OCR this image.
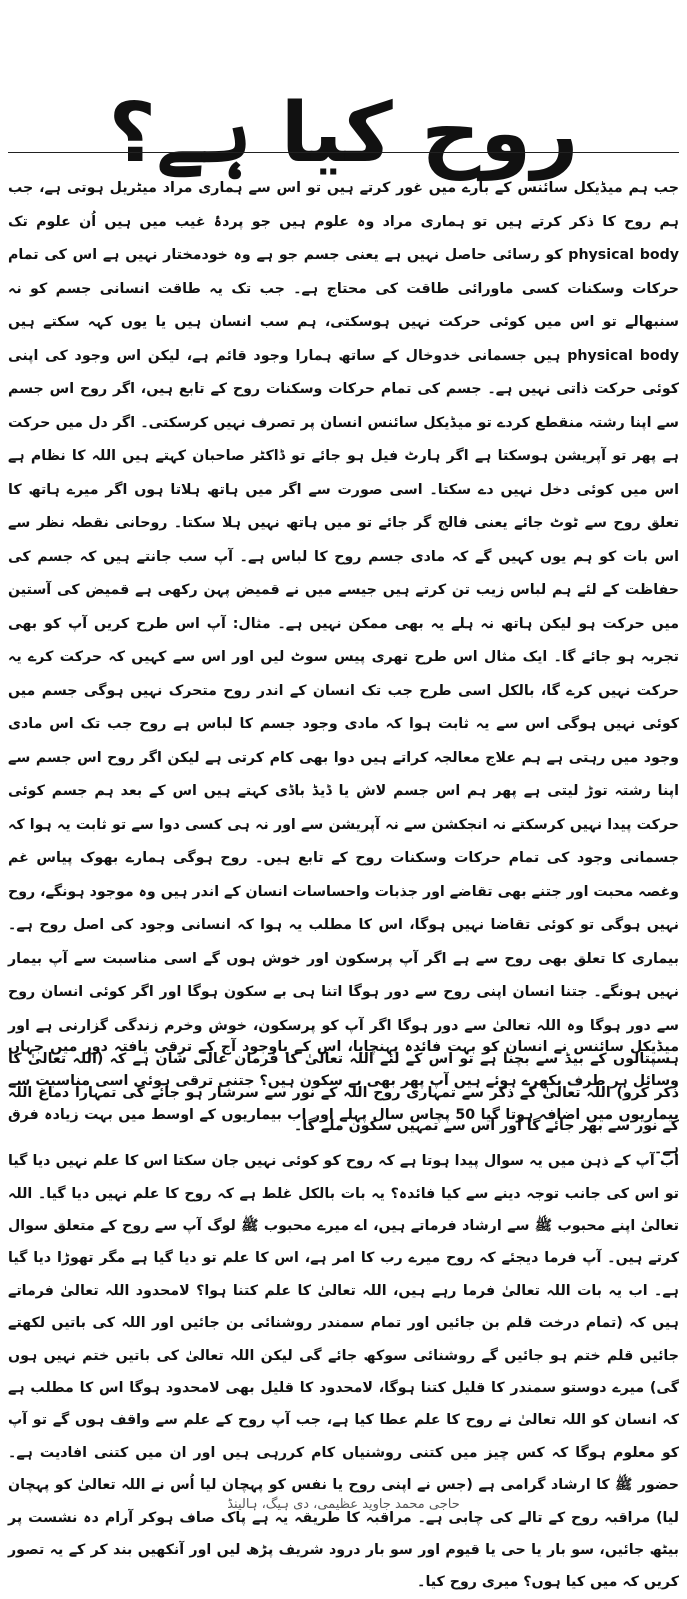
روح کیا ہے؟

جب ہم میڈیکل سائنس کے بارے میں غور کرتے ہیں تو اس سے ہماری مراد میٹریل ہوتی ہے، جب ہم روح کا ذکر کرتے ہیں تو ہماری مراد وہ علوم ہیں جو پردۂ غیب میں ہیں اُن علوم تک physical body کو رسائی حاصل نہیں ہے یعنی جسم جو ہے وہ خودمختار نہیں ہے اس کی تمام حرکات وسکنات کسی ماورائی طاقت کی محتاج ہے۔ جب تک یہ طاقت انسانی جسم کو نہ سنبھالے تو اس میں کوئی حرکت نہیں ہوسکتی، ہم سب انسان ہیں یا یوں کہہ سکتے ہیں physical body ہیں جسمانی خدوخال کے ساتھ ہمارا وجود قائم ہے، لیکن اس وجود کی اپنی کوئی حرکت ذاتی نہیں ہے۔ جسم کی تمام حرکات وسکنات روح کے تابع ہیں، اگر روح اس جسم سے اپنا رشتہ منقطع کردے تو میڈیکل سائنس انسان پر تصرف نہیں کرسکتی۔ اگر دل میں حرکت ہے پھر تو آپریشن ہوسکتا ہے اگر ہارٹ فیل ہو جائے تو ڈاکٹر صاحبان کہتے ہیں اللہ کا نظام ہے اس میں کوئی دخل نہیں دے سکتا۔ اسی صورت سے اگر میں ہاتھ ہلاتا ہوں اگر میرے ہاتھ کا تعلق روح سے ٹوٹ جائے یعنی فالج گر جائے تو میں ہاتھ نہیں ہلا سکتا۔ روحانی نقطہ نظر سے اس بات کو ہم یوں کہیں گے کہ مادی جسم روح کا لباس ہے۔ آپ سب جانتے ہیں کہ جسم کی حفاظت کے لئے ہم لباس زیب تن کرتے ہیں جیسے میں نے قمیض پہن رکھی ہے قمیض کی آستین میں حرکت ہو لیکن ہاتھ نہ ہلے یہ بھی ممکن نہیں ہے۔ مثال: آپ اس طرح کریں آپ کو بھی تجربہ ہو جائے گا۔ ایک مثال اس طرح تھری پیس سوٹ لیں اور اس سے کہیں کہ حرکت کرے یہ حرکت نہیں کرے گا، بالکل اسی طرح جب تک انسان کے اندر روح متحرک نہیں ہوگی جسم میں کوئی نہیں ہوگی اس سے یہ ثابت ہوا کہ مادی وجود جسم کا لباس ہے روح جب تک اس مادی وجود میں رہتی ہے ہم علاج معالجہ کراتے ہیں دوا بھی کام کرتی ہے لیکن اگر روح اس جسم سے اپنا رشتہ توڑ لیتی ہے پھر ہم اس جسم لاش یا ڈیڈ باڈی کہتے ہیں اس کے بعد ہم جسم کوئی حرکت پیدا نہیں کرسکتے نہ انجکشن سے نہ آپریشن سے اور نہ ہی کسی دوا سے تو ثابت یہ ہوا کہ جسمانی وجود کی تمام حرکات وسکنات روح کے تابع ہیں۔ روح ہوگی ہمارے بھوک پیاس غم وغصہ محبت اور جتنے بھی تقاضے اور جذبات واحساسات انسان کے اندر ہیں وہ موجود ہونگے، روح نہیں ہوگی تو کوئی تقاضا نہیں ہوگا، اس کا مطلب یہ ہوا کہ انسانی وجود کی اصل روح ہے۔ بیماری کا تعلق بھی روح سے ہے اگر آپ پرسکون اور خوش ہوں گے اسی مناسبت سے آپ بیمار نہیں ہونگے۔ جتنا انسان اپنی روح سے دور ہوگا اتنا ہی بے سکون ہوگا اور اگر کوئی انسان روح سے دور ہوگا وہ اللہ تعالیٰ سے دور ہوگا اگر آپ کو پرسکون، خوش وخرم زندگی گزارنی ہے اور ہسپتالوں کے بیڈ سے بچنا ہے تو اس کے لئے اللہ تعالیٰ کا فرمان عالی شان ہے کہ (اللہ تعالیٰ کا ذکر کرو) اللہ تعالیٰ کے ذکر سے تمہاری روح اللہ کے نور سے سرشار ہو جائے گی تمہارا دماغ اللہ کے نور سے بھر جائے گا اور اس سے تمہیں سکون ملے گا۔

میڈیکل سائنس نے انسان کو بہت فائدہ پہنچایا، اس کے باوجود آج کے ترقی یافتہ دور میں جہاں وسائل ہر طرف بکھرے ہوئے ہیں آپ پھر بھی بے سکون ہیں؟ جتنی ترقی ہوئی اسی مناسبت سے بیماریوں میں اضافہ ہوتا گیا 50 پچاس سال پہلے اور اب بیماریوں کے اوسط میں بہت زیادہ فرق ہے۔

اب آپ کے ذہن میں یہ سوال پیدا ہوتا ہے کہ روح کو کوئی نہیں جان سکتا اس کا علم نہیں دیا گیا تو اس کی جانب توجہ دینے سے کیا فائدہ؟ یہ بات بالکل غلط ہے کہ روح کا علم نہیں دیا گیا۔ اللہ تعالیٰ اپنے محبوب ﷺ سے ارشاد فرماتے ہیں، اے میرے محبوب ﷺ لوگ آپ سے روح کے متعلق سوال کرتے ہیں۔ آپ فرما دیجئے کہ روح میرے رب کا امر ہے، اس کا علم تو دیا گیا ہے مگر تھوڑا دیا گیا ہے۔ اب یہ بات اللہ تعالیٰ فرما رہے ہیں، اللہ تعالیٰ کا علم کتنا ہوا؟ لامحدود اللہ تعالیٰ فرماتے ہیں کہ (تمام درخت قلم بن جائیں اور تمام سمندر روشنائی بن جائیں اور اللہ کی باتیں لکھتے جائیں قلم ختم ہو جائیں گے روشنائی سوکھ جائے گی لیکن اللہ تعالیٰ کی باتیں ختم نہیں ہوں گی) میرے دوستو سمندر کا قلیل کتنا ہوگا، لامحدود کا قلیل بھی لامحدود ہوگا اس کا مطلب ہے کہ انسان کو اللہ تعالیٰ نے روح کا علم عطا کیا ہے، جب آپ روح کے علم سے واقف ہوں گے تو آپ کو معلوم ہوگا کہ کس چیز میں کتنی روشنیاں کام کررہی ہیں اور ان میں کتنی افادیت ہے۔ حضور ﷺ کا ارشاد گرامی ہے (جس نے اپنی روح یا نفس کو پہچان لیا اُس نے اللہ تعالیٰ کو پہچان لیا) مراقبہ روح کے تالے کی چابی ہے۔ مراقبہ کا طریقہ یہ ہے پاک صاف ہوکر آرام دہ نشست پر بیٹھ جائیں، سو بار یا حی یا قیوم اور سو بار درود شریف پڑھ لیں اور آنکھیں بند کر کے یہ تصور کریں کہ میں کیا ہوں؟ میری روح کیا۔

حاجی محمد جاوید عظیمی، دی ہیگ، ہالینڈ
